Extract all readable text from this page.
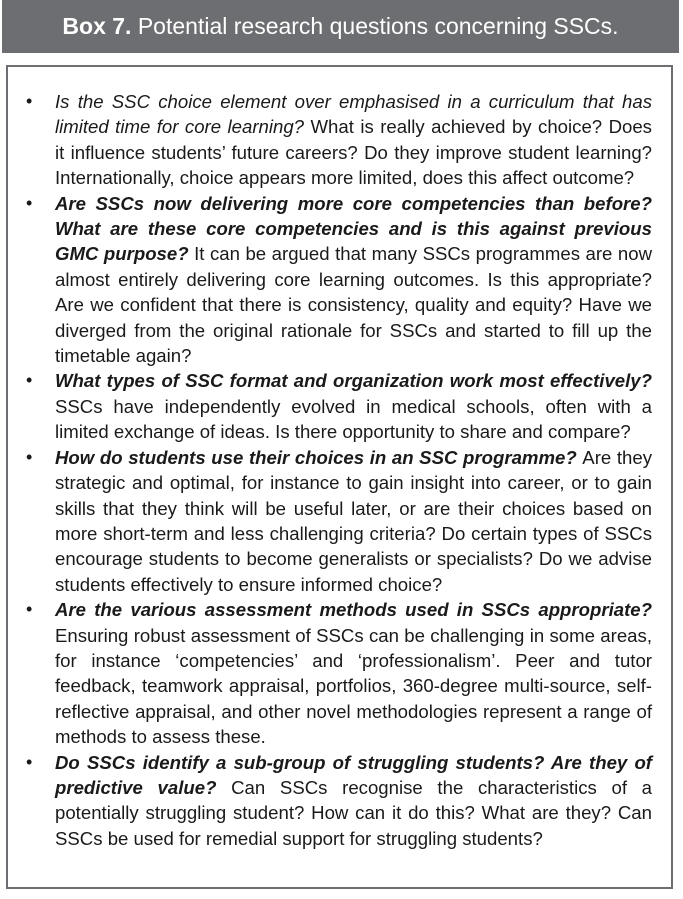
Box 7. Potential research questions concerning SSCs.
• Is the SSC choice element over emphasised in a curriculum that has limited time for core learning? What is really achieved by choice? Does it influence students’ future careers? Do they improve student learning? Internationally, choice appears more limited, does this affect outcome?
• Are SSCs now delivering more core competencies than before? What are these core competencies and is this against previous GMC purpose? It can be argued that many SSCs programmes are now almost entirely delivering core learning outcomes. Is this appropriate? Are we confident that there is consistency, quality and equity? Have we diverged from the original rationale for SSCs and started to fill up the timetable again?
• What types of SSC format and organization work most effectively? SSCs have independently evolved in medical schools, often with a limited exchange of ideas. Is there opportunity to share and compare?
• How do students use their choices in an SSC programme? Are they strategic and optimal, for instance to gain insight into career, or to gain skills that they think will be useful later, or are their choices based on more short-term and less challenging criteria? Do certain types of SSCs encourage students to become generalists or specialists? Do we advise students effectively to ensure informed choice?
• Are the various assessment methods used in SSCs appropriate? Ensuring robust assessment of SSCs can be challenging in some areas, for instance ‘competencies’ and ‘professionalism’. Peer and tutor feedback, teamwork appraisal, portfolios, 360-degree multi-source, self-reflective appraisal, and other novel methodologies represent a range of methods to assess these.
• Do SSCs identify a sub-group of struggling students? Are they of predictive value? Can SSCs recognise the characteristics of a potentially struggling student? How can it do this? What are they? Can SSCs be used for remedial support for struggling students?
